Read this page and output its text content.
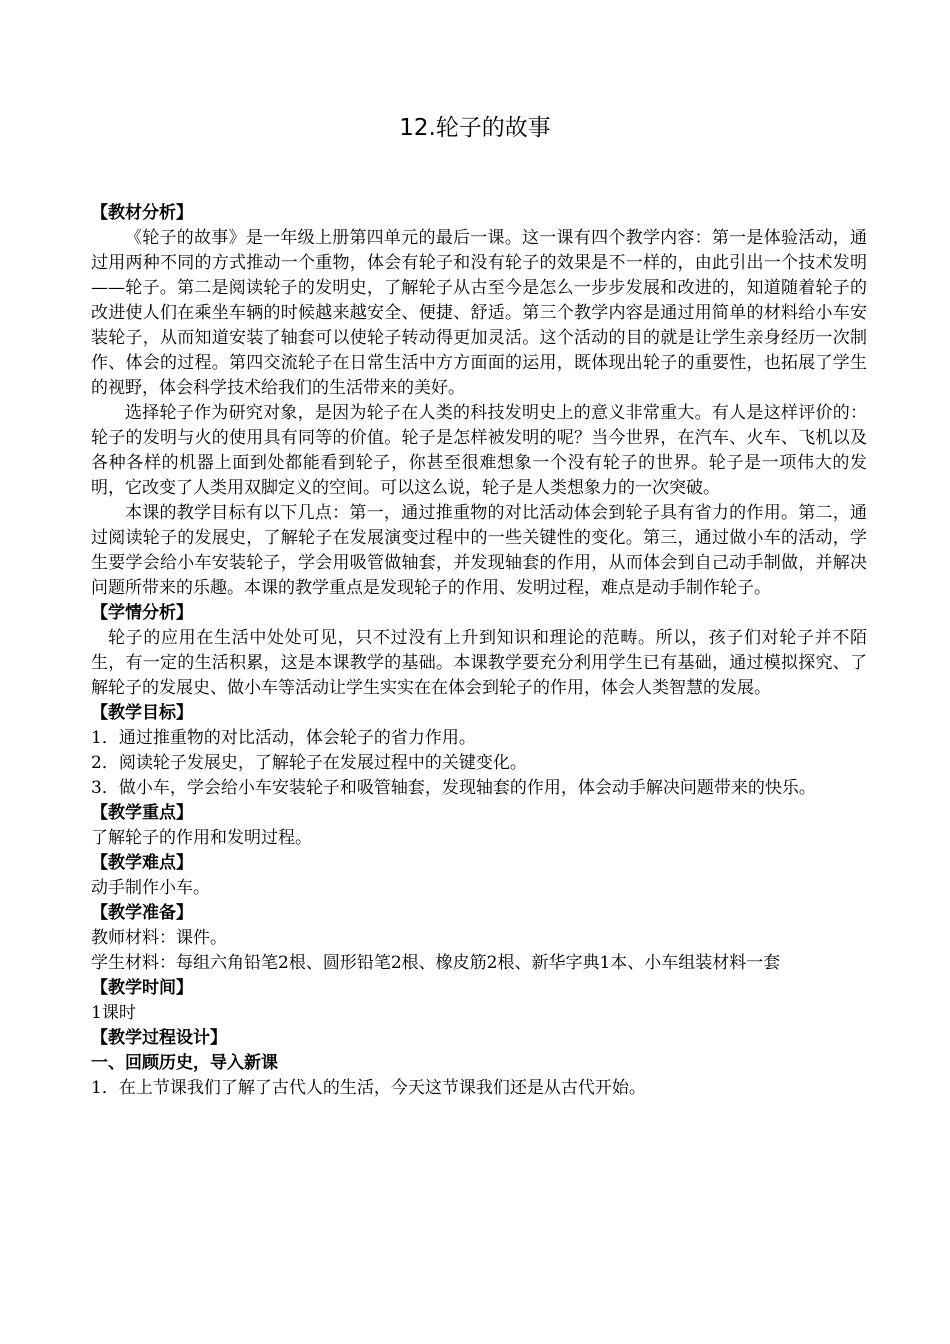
12.轮子的故事

【教材分析】

《轮子的故事》是一年级上册第四单元的最后一课。这一课有四个教学内容：第一是体验活动，通过用两种不同的方式推动一个重物，体会有轮子和没有轮子的效果是不一样的，由此引出一个技术发明——轮子。第二是阅读轮子的发明史，了解轮子从古至今是怎么一步步发展和改进的，知道随着轮子的改进使人们在乘坐车辆的时候越来越安全、便捷、舒适。第三个教学内容是通过用简单的材料给小车安装轮子，从而知道安装了轴套可以使轮子转动得更加灵活。这个活动的目的就是让学生亲身经历一次制作、体会的过程。第四交流轮子在日常生活中方方面面的运用，既体现出轮子的重要性，也拓展了学生的视野，体会科学技术给我们的生活带来的美好。

选择轮子作为研究对象，是因为轮子在人类的科技发明史上的意义非常重大。有人是这样评价的：轮子的发明与火的使用具有同等的价值。轮子是怎样被发明的呢？当今世界，在汽车、火车、飞机以及各种各样的机器上面到处都能看到轮子，你甚至很难想象一个没有轮子的世界。轮子是一项伟大的发明，它改变了人类用双脚定义的空间。可以这么说，轮子是人类想象力的一次突破。

本课的教学目标有以下几点：第一，通过推重物的对比活动体会到轮子具有省力的作用。第二，通过阅读轮子的发展史，了解轮子在发展演变过程中的一些关键性的变化。第三，通过做小车的活动，学生要学会给小车安装轮子，学会用吸管做轴套，并发现轴套的作用，从而体会到自己动手制做，并解决问题所带来的乐趣。本课的教学重点是发现轮子的作用、发明过程，难点是动手制作轮子。

【学情分析】

轮子的应用在生活中处处可见，只不过没有上升到知识和理论的范畴。所以，孩子们对轮子并不陌生，有一定的生活积累，这是本课教学的基础。本课教学要充分利用学生已有基础，通过模拟探究、了解轮子的发展史、做小车等活动让学生实实在在体会到轮子的作用，体会人类智慧的发展。

【教学目标】

1．通过推重物的对比活动，体会轮子的省力作用。

2．阅读轮子发展史，了解轮子在发展过程中的关键变化。

3．做小车，学会给小车安装轮子和吸管轴套，发现轴套的作用，体会动手解决问题带来的快乐。

【教学重点】

了解轮子的作用和发明过程。

【教学难点】

动手制作小车。

【教学准备】

教师材料：课件。

学生材料：每组六角铅笔2根、圆形铅笔2根、橡皮筋2根、新华字典1本、小车组装材料一套

【教学时间】

1课时

【教学过程设计】

一、回顾历史，导入新课

1．在上节课我们了解了古代人的生活，今天这节课我们还是从古代开始。
